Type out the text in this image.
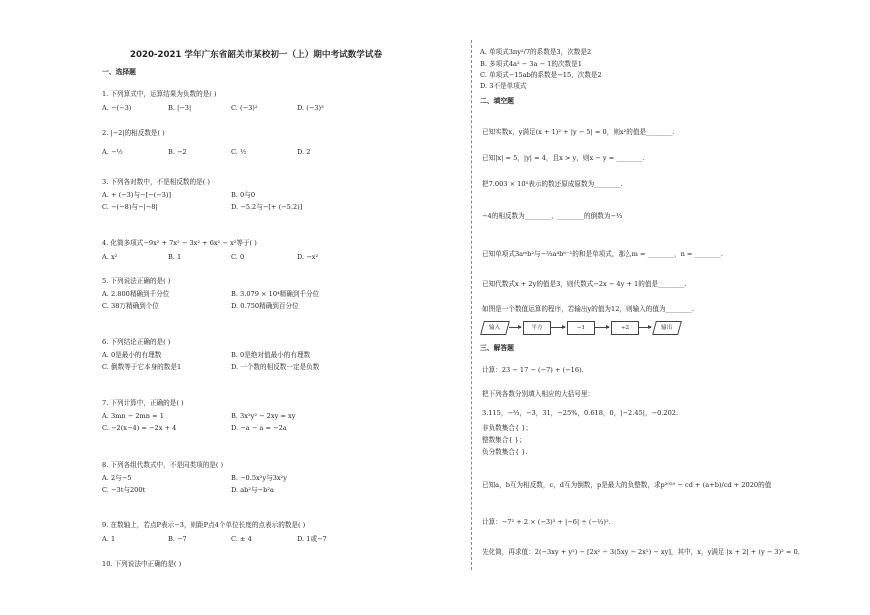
2020-2021 学年广东省韶关市某校初一（上）期中考试数学试卷
一、选择题
1. 下列算式中，运算结果为负数的是( )
A. −(−3)	B. |−3|	C. (−3)²	D. (−3)³
2. |−2|的相反数是( )
A. −½	B. −2	C. ½	D. 2
3. 下列各对数中，不是相反数的是( )
A. + (−3)与−[−(−3)]	B. 0与0
C. −(−8)与−|−8|	D. −5.2与−[+ (−5.2)]
4. 化简多项式−9x² + 7x² − 3x² + 6x² − x²等于( )
A. x²	B. 1	C. 0	D. −x²
5. 下列说法正确的是( )
A. 2.800精确到千分位	B. 3.079 × 10⁴精确到千分位
C. 38万精确到个位	D. 0.750精确到百分位
6. 下列结论正确的是( )
A. 0是最小的有理数	B. 0是绝对值最小的有理数
C. 倒数等于它本身的数是1	D. 一个数的相反数一定是负数
7. 下列计算中，正确的是( )
A. 3mn − 2mn = 1	B. 3x²y² − 2xy = xy
C. −2(x−4) = −2x + 4	D. −a − a = −2a
8. 下列各组代数式中，不是同类项的是( )
A. 2与−5	B. −0.5x²y与3x²y
C. −3t与200t	D. ab²与−b²a
9. 在数轴上，若点P表示−3，则距P点4个单位长度的点表示的数是( )
A. 1	B. −7	C. ± 4	D. 1或−7
10. 下列说法中正确的是( )
A. 单项式3πy²/7的系数是3，次数是2
B. 多项式4a² − 3a − 1的次数是1
C. 单项式−15ab的系数是−15，次数是2
D. 3不是单项式
二、填空题
已知实数x，y满足(x + 1)² + |y − 5| = 0，则x²的值是________.
已知|x| = 5，|y| = 4，且x > y，则x − y = ________.
把7.003 × 10⁵表示的数还原成原数为________.
−4的相反数为________，________的倒数为−⅓
已知单项式3aᵐb²与−⅔a⁴bⁿ⁻¹的和是单项式，那么m = ________，n = ________.
已知代数式x + 2y的值是3，则代数式−2x − 4y + 1的值是________.
如图是一个数值运算的程序，若输出y的值为12，则输入的值为________.
输入	平方	−1	÷2	输出
三、解答题
计算：23 − 17 − (−7) + (−16).
把下列各数分别填入相应的大括号里：
3.115，−⅔，−3，31，−25%，0.618，0，|−2.45|，−0.202.
非负数集合{ }；
整数集合{ }；
负分数集合{ }.
已知a，b互为相反数，c，d互为倒数，p是最大的负整数，求p²⁰²⁰ − cd + (a+b)/cd + 2020的值
计算：−7² + 2 × (−3)³ + |−6| ÷ (−⅓)².
先化简，再求值：2(−3xy + y²) − [2x² − 3(5xy − 2x²) − xy]，其中，x，y满足 |x + 2| + (y − 3)² = 0.
